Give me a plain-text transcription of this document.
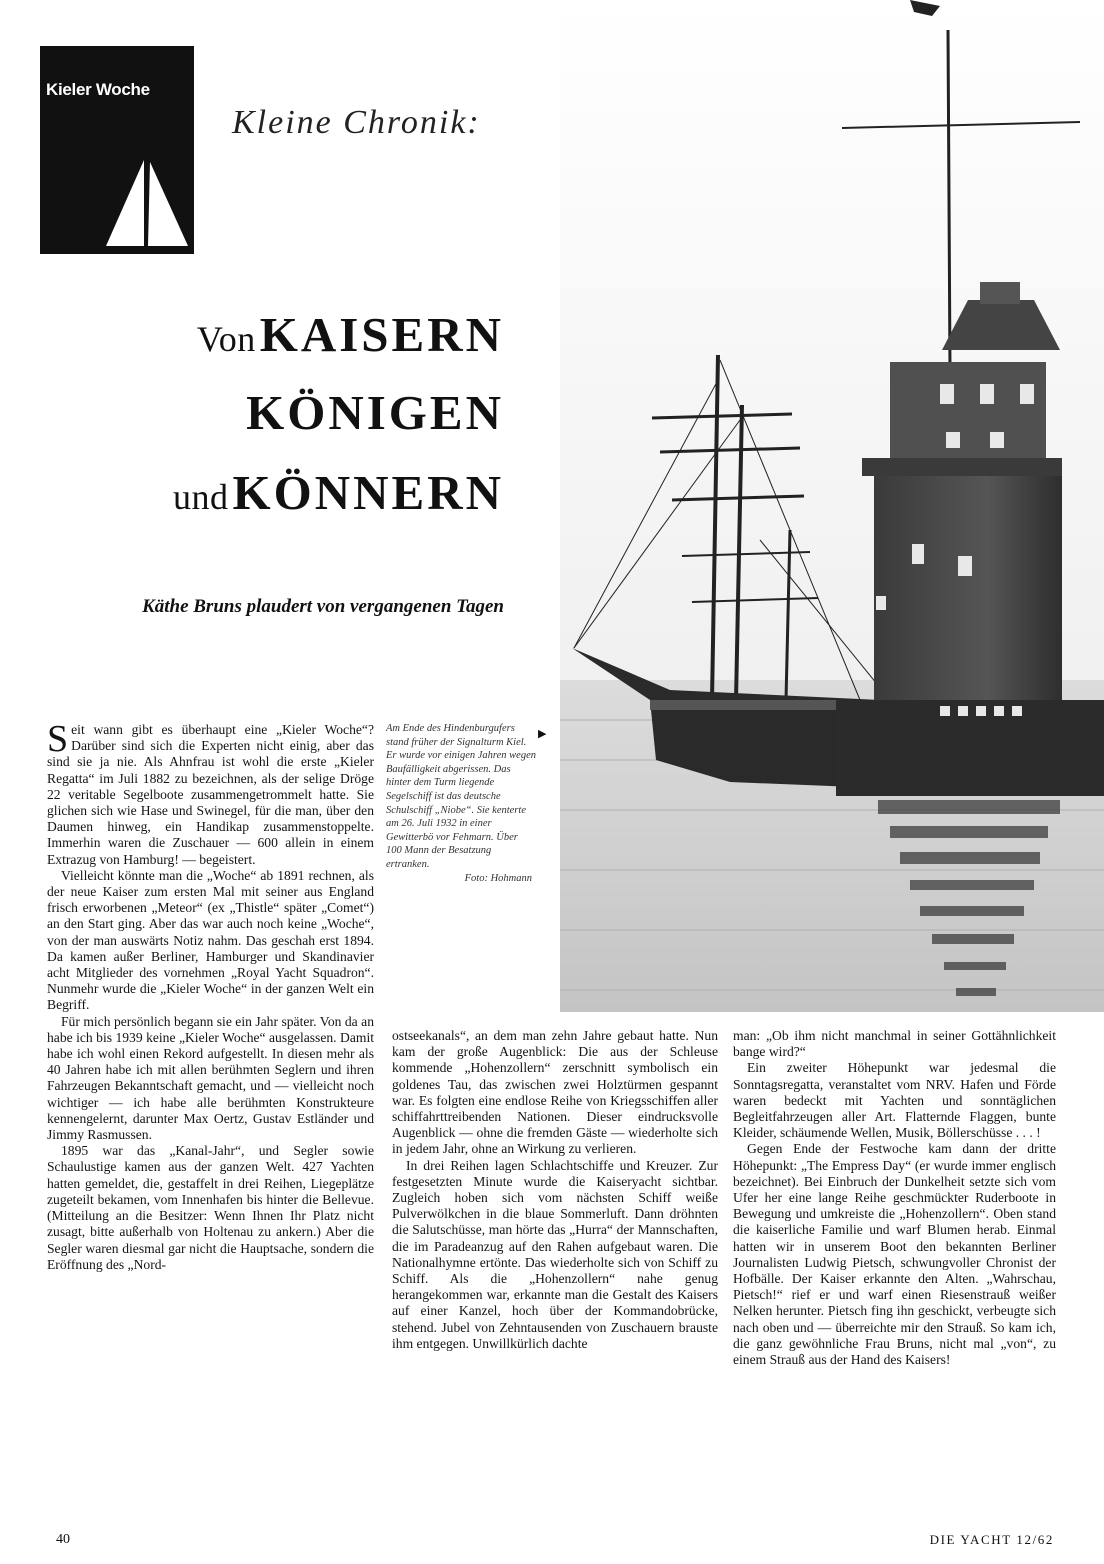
Kieler Woche
Kleine Chronik:
Von KAISERN
KÖNIGEN
und KÖNNERN
Käthe Bruns plaudert von vergangenen Tagen
Am Ende des Hindenburgufers stand früher der Signalturm Kiel. Er wurde vor einigen Jahren wegen Baufälligkeit abgerissen. Das hinter dem Turm liegende Segelschiff ist das deutsche Schulschiff „Niobe“. Sie kenterte am 26. Juli 1932 in einer Gewitterbö vor Fehmarn. Über 100 Mann der Besatzung ertranken.
Foto: Hohmann
▶

Seit wann gibt es überhaupt eine „Kieler Woche“? Darüber sind sich die Experten nicht einig, aber das sind sie ja nie. Als Ahnfrau ist wohl die erste „Kieler Regatta“ im Juli 1882 zu bezeichnen, als der selige Dröge 22 veritable Segelboote zusammengetrommelt hatte. Sie glichen sich wie Hase und Swinegel, für die man, über den Daumen hinweg, ein Handikap zusammenstoppelte. Immerhin waren die Zuschauer — 600 allein in einem Extrazug von Hamburg! — begeistert.

Vielleicht könnte man die „Woche“ ab 1891 rechnen, als der neue Kaiser zum ersten Mal mit seiner aus England frisch erworbenen „Meteor“ (ex „Thistle“ später „Comet“) an den Start ging. Aber das war auch noch keine „Woche“, von der man auswärts Notiz nahm. Das geschah erst 1894. Da kamen außer Berliner, Hamburger und Skandinavier acht Mitglieder des vornehmen „Royal Yacht Squadron“. Nunmehr wurde die „Kieler Woche“ in der ganzen Welt ein Begriff.

Für mich persönlich begann sie ein Jahr später. Von da an habe ich bis 1939 keine „Kieler Woche“ ausgelassen. Damit habe ich wohl einen Rekord aufgestellt. In diesen mehr als 40 Jahren habe ich mit allen berühmten Seglern und ihren Fahrzeugen Bekanntschaft gemacht, und — vielleicht noch wichtiger — ich habe alle berühmten Konstrukteure kennengelernt, darunter Max Oertz, Gustav Estländer und Jimmy Rasmussen.

1895 war das „Kanal-Jahr“, und Segler sowie Schaulustige kamen aus der ganzen Welt. 427 Yachten hatten gemeldet, die, gestaffelt in drei Reihen, Liegeplätze zugeteilt bekamen, vom Innenhafen bis hinter die Bellevue. (Mitteilung an die Besitzer: Wenn Ihnen Ihr Platz nicht zusagt, bitte außerhalb von Holtenau zu ankern.) Aber die Segler waren diesmal gar nicht die Hauptsache, sondern die Eröffnung des „Nord-

ostseekanals“, an dem man zehn Jahre gebaut hatte. Nun kam der große Augenblick: Die aus der Schleuse kommende „Hohenzollern“ zerschnitt symbolisch ein goldenes Tau, das zwischen zwei Holztürmen gespannt war. Es folgten eine endlose Reihe von Kriegsschiffen aller schiffahrttreibenden Nationen. Dieser eindrucksvolle Augenblick — ohne die fremden Gäste — wiederholte sich in jedem Jahr, ohne an Wirkung zu verlieren.

In drei Reihen lagen Schlachtschiffe und Kreuzer. Zur festgesetzten Minute wurde die Kaiseryacht sichtbar. Zugleich hoben sich vom nächsten Schiff weiße Pulverwölkchen in die blaue Sommerluft. Dann dröhnten die Salutschüsse, man hörte das „Hurra“ der Mannschaften, die im Paradeanzug auf den Rahen aufgebaut waren. Die Nationalhymne ertönte. Das wiederholte sich von Schiff zu Schiff. Als die „Hohenzollern“ nahe genug herangekommen war, erkannte man die Gestalt des Kaisers auf einer Kanzel, hoch über der Kommandobrücke, stehend. Jubel von Zehntausenden von Zuschauern brauste ihm entgegen. Unwillkürlich dachte

man: „Ob ihm nicht manchmal in seiner Gottähnlichkeit bange wird?“

Ein zweiter Höhepunkt war jedesmal die Sonntagsregatta, veranstaltet vom NRV. Hafen und Förde waren bedeckt mit Yachten und sonntäglichen Begleitfahrzeugen aller Art. Flatternde Flaggen, bunte Kleider, schäumende Wellen, Musik, Böllerschüsse . . . !

Gegen Ende der Festwoche kam dann der dritte Höhepunkt: „The Empress Day“ (er wurde immer englisch bezeichnet). Bei Einbruch der Dunkelheit setzte sich vom Ufer her eine lange Reihe geschmückter Ruderboote in Bewegung und umkreiste die „Hohenzollern“. Oben stand die kaiserliche Familie und warf Blumen herab. Einmal hatten wir in unserem Boot den bekannten Berliner Journalisten Ludwig Pietsch, schwungvoller Chronist der Hofbälle. Der Kaiser erkannte den Alten. „Wahrschau, Pietsch!“ rief er und warf einen Riesenstrauß weißer Nelken herunter. Pietsch fing ihn geschickt, verbeugte sich nach oben und — überreichte mir den Strauß. So kam ich, die ganz gewöhnliche Frau Bruns, nicht mal „von“, zu einem Strauß aus der Hand des Kaisers!

40	DIE YACHT 12/62
